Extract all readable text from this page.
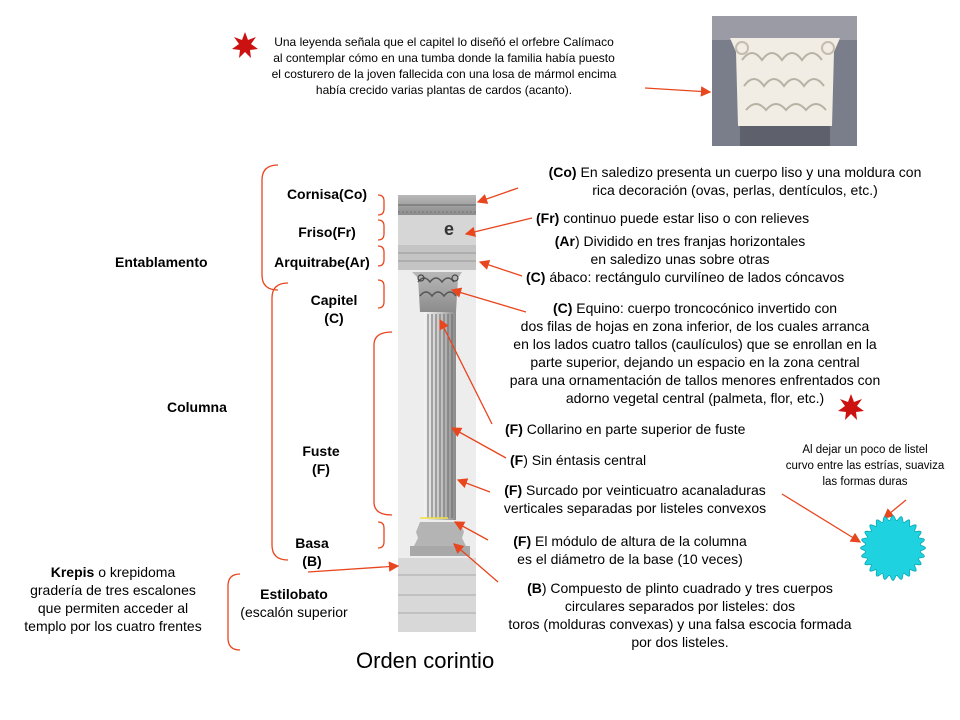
Una leyenda señala que el capitel lo diseñó el orfebre Calímaco
al contemplar cómo en una tumba donde la familia había puesto
el costurero de la joven fallecida con una losa de mármol encima
había crecido varias plantas de cardos (acanto).
e
Cornisa(Co)
Friso(Fr)
Arquitrabe(Ar)
Entablamento
Capitel
(C)
Columna
Fuste
(F)
Basa
(B)
Estilobato
(escalón superior
Krepis o krepidoma
gradería de tres escalones
que permiten acceder al
templo por los cuatro frentes
(Co) En saledizo presenta un cuerpo liso y una moldura con
rica decoración (ovas, perlas, dentículos, etc.)
(Fr) continuo puede estar liso o con relieves
(Ar) Dividido en tres franjas horizontales
en saledizo unas sobre otras
(C) ábaco: rectángulo curvilíneo de lados cóncavos
(C) Equino: cuerpo troncocónico invertido con
dos filas de hojas en zona inferior, de los cuales arranca
en los lados cuatro tallos (caulículos) que se enrollan en la
parte superior, dejando un espacio en la zona central
para una ornamentación de tallos menores enfrentados con
adorno vegetal central (palmeta, flor, etc.)
(F) Collarino en parte superior de fuste
(F) Sin éntasis central
(F) Surcado por veinticuatro acanaladuras
verticales separadas por listeles convexos
(F) El módulo de altura de la columna
es el diámetro de la base (10 veces)
(B) Compuesto de plinto cuadrado y tres cuerpos
circulares separados por listeles: dos
toros (molduras convexas) y una falsa escocia formada
por dos listeles.
Al dejar un poco de listel
curvo entre las estrías, suaviza
las formas duras
Orden corintio
